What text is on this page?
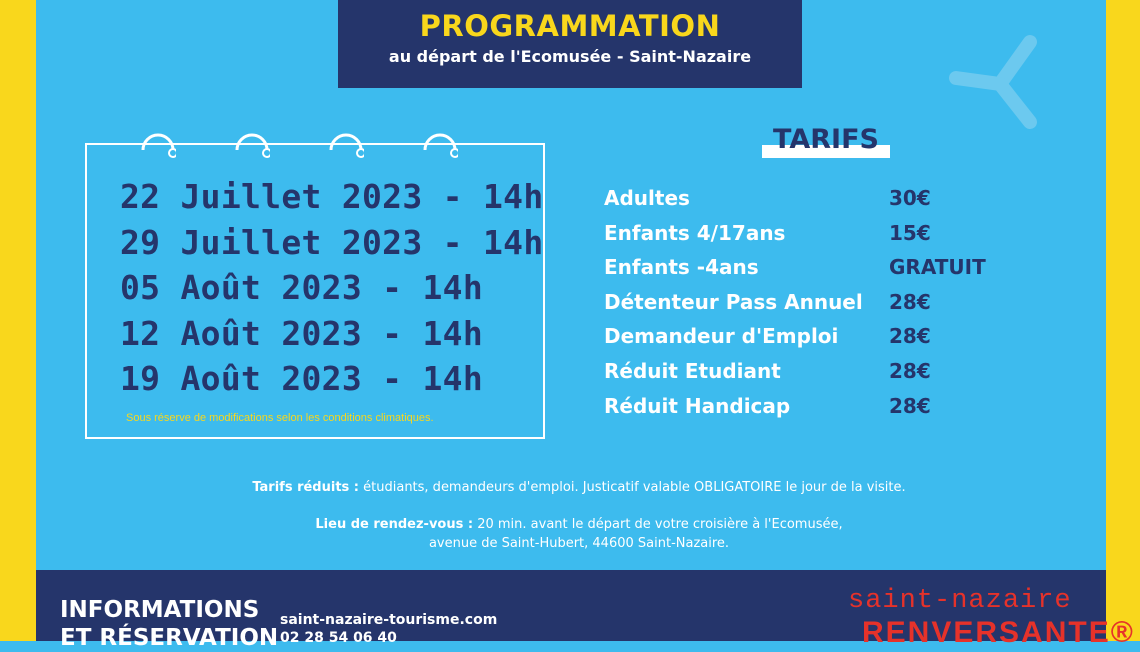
PROGRAMMATION
au départ de l'Ecomusée - Saint-Nazaire
22 Juillet 2023 - 14h
29 Juillet 2023 - 14h
05 Août 2023 - 14h
12 Août 2023 - 14h
19 Août 2023 - 14h
Sous réserve de modifications selon les conditions climatiques.
TARIFS
Adultes	30€
Enfants 4/17ans	15€
Enfants -4ans	GRATUIT
Détenteur Pass Annuel 28€
Demandeur d'Emploi	28€
Réduit Etudiant	28€
Réduit Handicap	28€
Tarifs réduits : étudiants, demandeurs d'emploi. Justicatif valable OBLIGATOIRE le jour de la visite.
Lieu de rendez-vous : 20 min. avant le départ de votre croisière à l'Ecomusée,
avenue de Saint-Hubert, 44600 Saint-Nazaire.
INFORMATIONS
ET RÉSERVATION
saint-nazaire-tourisme.com
02 28 54 06 40
saint-nazaire
RENVERSANTE®
